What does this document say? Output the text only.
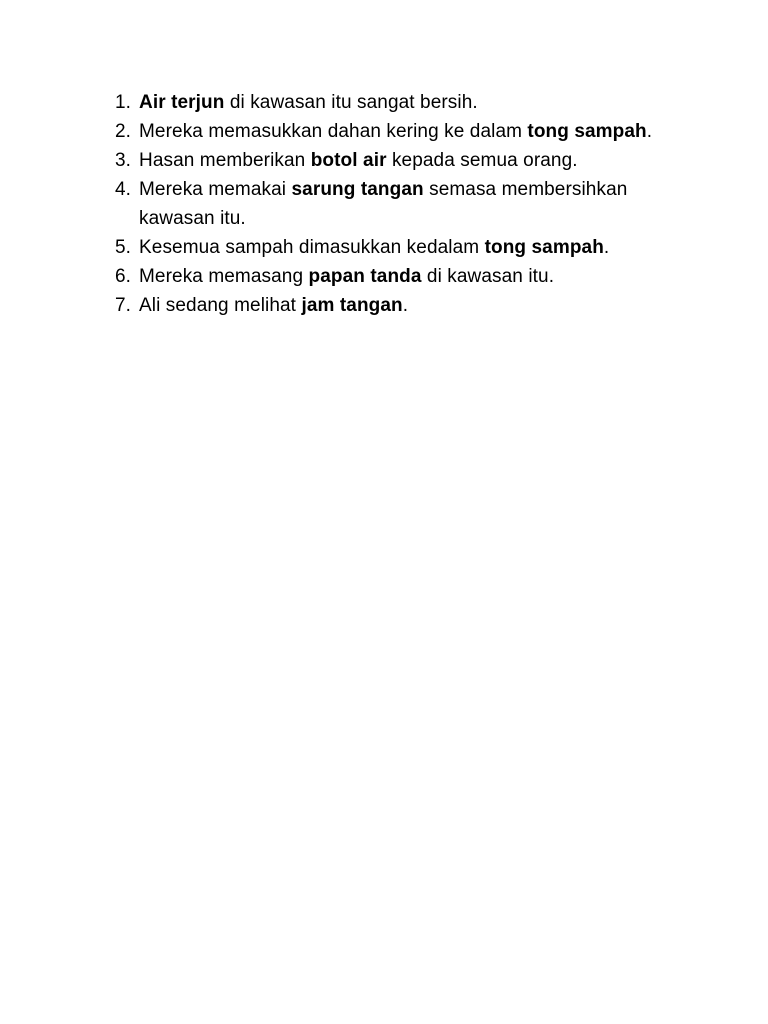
1. Air terjun di kawasan itu sangat bersih.
2. Mereka memasukkan dahan kering ke dalam tong sampah.
3. Hasan memberikan botol air kepada semua orang.
4. Mereka memakai sarung tangan semasa membersihkan kawasan itu.
5. Kesemua sampah dimasukkan kedalam tong sampah.
6. Mereka memasang papan tanda di kawasan itu.
7. Ali sedang melihat jam tangan.
